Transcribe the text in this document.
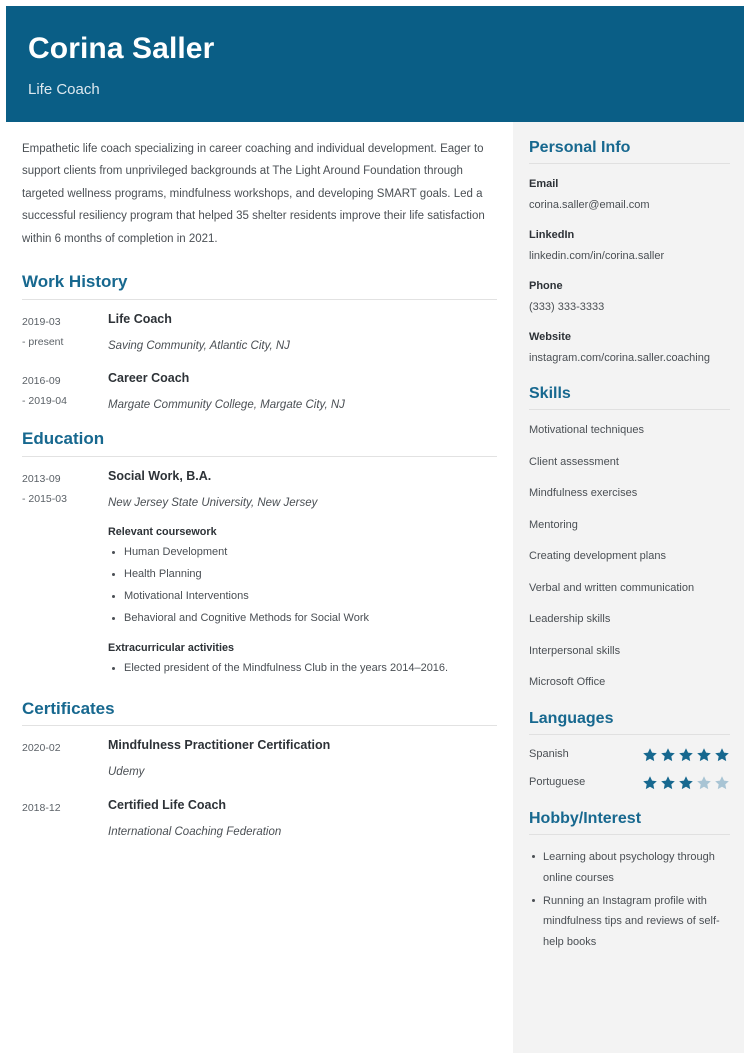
Corina Saller
Life Coach

Empathetic life coach specializing in career coaching and individual development. Eager to support clients from unprivileged backgrounds at The Light Around Foundation through targeted wellness programs, mindfulness workshops, and developing SMART goals. Led a successful resiliency program that helped 35 shelter residents improve their life satisfaction within 6 months of completion in 2021.

Work History
2019-03
- present
Life Coach
Saving Community, Atlantic City, NJ
2016-09
- 2019-04
Career Coach
Margate Community College, Margate City, NJ
Education
2013-09
- 2015-03
Social Work, B.A.
New Jersey State University, New Jersey
Relevant coursework
Human Development
Health Planning
Motivational Interventions
Behavioral and Cognitive Methods for Social Work
Extracurricular activities
Elected president of the Mindfulness Club in the years 2014–2016.
Certificates
2020-02	Mindfulness Practitioner Certification
Udemy
2018-12	Certified Life Coach
International Coaching Federation
Personal Info
Email
corina.saller@email.com
LinkedIn
linkedin.com/in/corina.saller
Phone
(333) 333-3333
Website
instagram.com/corina.saller.coaching
Skills
Motivational techniques
Client assessment
Mindfulness exercises
Mentoring
Creating development plans
Verbal and written communication
Leadership skills
Interpersonal skills
Microsoft Office
Languages
Spanish
Portuguese
Hobby/Interest
Learning about psychology through online courses
Running an Instagram profile with mindfulness tips and reviews of self-help books
